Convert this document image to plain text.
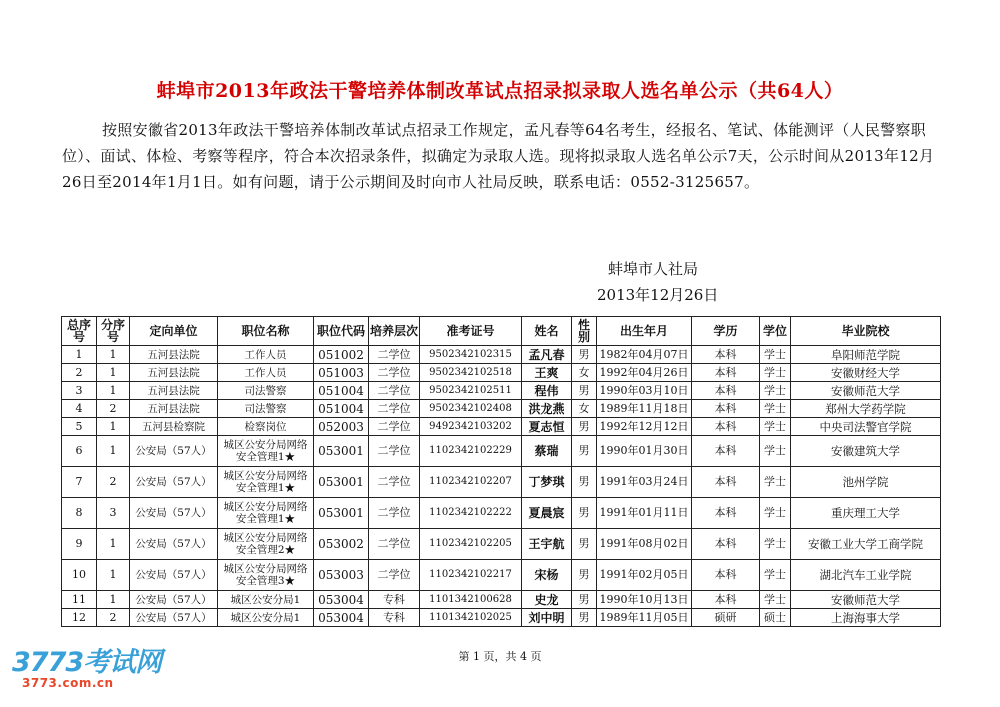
蚌埠市2013年政法干警培养体制改革试点招录拟录取人选名单公示（共64人）

按照安徽省2013年政法干警培养体制改革试点招录工作规定，孟凡春等64名考生，经报名、笔试、体能测评（人民警察职位）、面试、体检、考察等程序，符合本次招录条件，拟确定为录取人选。现将拟录取人选名单公示7天，公示时间从2013年12月26日至2014年1月1日。如有问题，请于公示期间及时向市人社局反映，联系电话：0552-3125657。

蚌埠市人社局
2013年12月26日
总序号	分序号	定向单位	职位名称	职位代码	培养层次	准考证号	姓名	性别	出生年月	学历	学位	毕业院校
1	1	五河县法院	工作人员	051002	二学位	9502342102315	孟凡春	男	1982年04月07日	本科	学士	阜阳师范学院
2	1	五河县法院	工作人员	051003	二学位	9502342102518	王爽	女	1992年04月26日	本科	学士	安徽财经大学
3	1	五河县法院	司法警察	051004	二学位	9502342102511	程伟	男	1990年03月10日	本科	学士	安徽师范大学
4	2	五河县法院	司法警察	051004	二学位	9502342102408	洪龙燕	女	1989年11月18日	本科	学士	郑州大学药学院
5	1	五河县检察院	检察岗位	052003	二学位	9492342103202	夏志恒	男	1992年12月12日	本科	学士	中央司法警官学院
6	1	公安局（57人）	城区公安分局网络安全管理1★	053001	二学位	1102342102229	蔡瑞	男	1990年01月30日	本科	学士	安徽建筑大学
7	2	公安局（57人）	城区公安分局网络安全管理1★	053001	二学位	1102342102207	丁梦琪	男	1991年03月24日	本科	学士	池州学院
8	3	公安局（57人）	城区公安分局网络安全管理1★	053001	二学位	1102342102222	夏晨宸	男	1991年01月11日	本科	学士	重庆理工大学
9	1	公安局（57人）	城区公安分局网络安全管理2★	053002	二学位	1102342102205	王宇航	男	1991年08月02日	本科	学士	安徽工业大学工商学院
10	1	公安局（57人）	城区公安分局网络安全管理3★	053003	二学位	1102342102217	宋杨	男	1991年02月05日	本科	学士	湖北汽车工业学院
11	1	公安局（57人）	城区公安分局1	053004	专科	1101342100628	史龙	男	1990年10月13日	本科	学士	安徽师范大学
12	2	公安局（57人）	城区公安分局1	053004	专科	1101342102025	刘中明	男	1989年11月05日	硕研	硕士	上海海事大学
第 1 页，共 4 页
3773考试网
3773.com.cn
